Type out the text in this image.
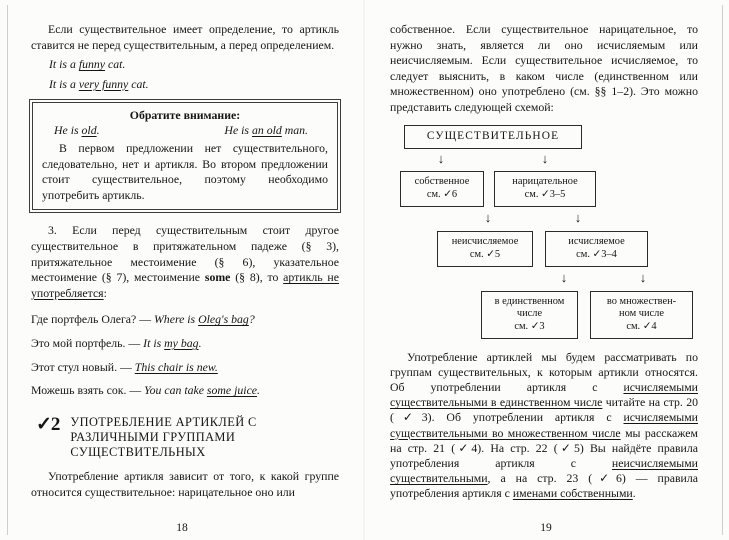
Если существительное имеет определение, то артикль ставится не перед существительным, а перед определением.

It is a funny cat.

It is a very funny cat.

Обратите внимание:
He is old.	He is an old man.

В первом предложении нет существительного, следовательно, нет и артикля. Во втором предложении стоит существительное, поэтому необходимо употребить артикль.

3. Если перед существительным стоит другое существительное в притяжательном падеже (§ 3), притяжательное местоимение (§ 6), указательное местоимение (§ 7), местоимение some (§ 8), то артикль не употребляется:

Где портфель Олега? — Where is Oleg's bag?

Это мой портфель. — It is my bag.

Этот стул новый. — This chair is new.

Можешь взять сок. — You can take some juice.

✓2 УПОТРЕБЛЕНИЕ АРТИКЛЕЙ С РАЗЛИЧНЫМИ ГРУППАМИ СУЩЕСТВИТЕЛЬНЫХ

Употребление артикля зависит от того, к какой группе относится существительное: нарицательное оно или

18

собственное. Если существительное нарицательное, то нужно знать, является ли оно исчисляемым или неисчисляемым. Если существительное исчисляемое, то следует выяснить, в каком числе (единственном или множественном) оно употреблено (см. §§ 1–2). Это можно представить следующей схемой:

СУЩЕСТВИТЕЛЬНОЕ
↓	↓
собственное
см. ✓6
нарицательное
см. ✓3–5
↓	↓
неисчисляемое
см. ✓5
исчисляемое
см. ✓3–4
↓	↓
в единственном
числе
см. ✓3
во множествен-
ном числе
см. ✓4

Употребление артиклей мы будем рассматривать по группам существительных, к которым артикли относятся. Об употреблении артикля с исчисляемыми существительными в единственном числе читайте на стр. 20 (✓3). Об употреблении артикля с исчисляемыми существительными во множественном числе мы расскажем на стр. 21 (✓4). На стр. 22 (✓5) Вы найдёте правила употребления артикля с неисчисляемыми существительными, а на стр. 23 (✓6) — правила употребления артикля с именами собственными.

19
